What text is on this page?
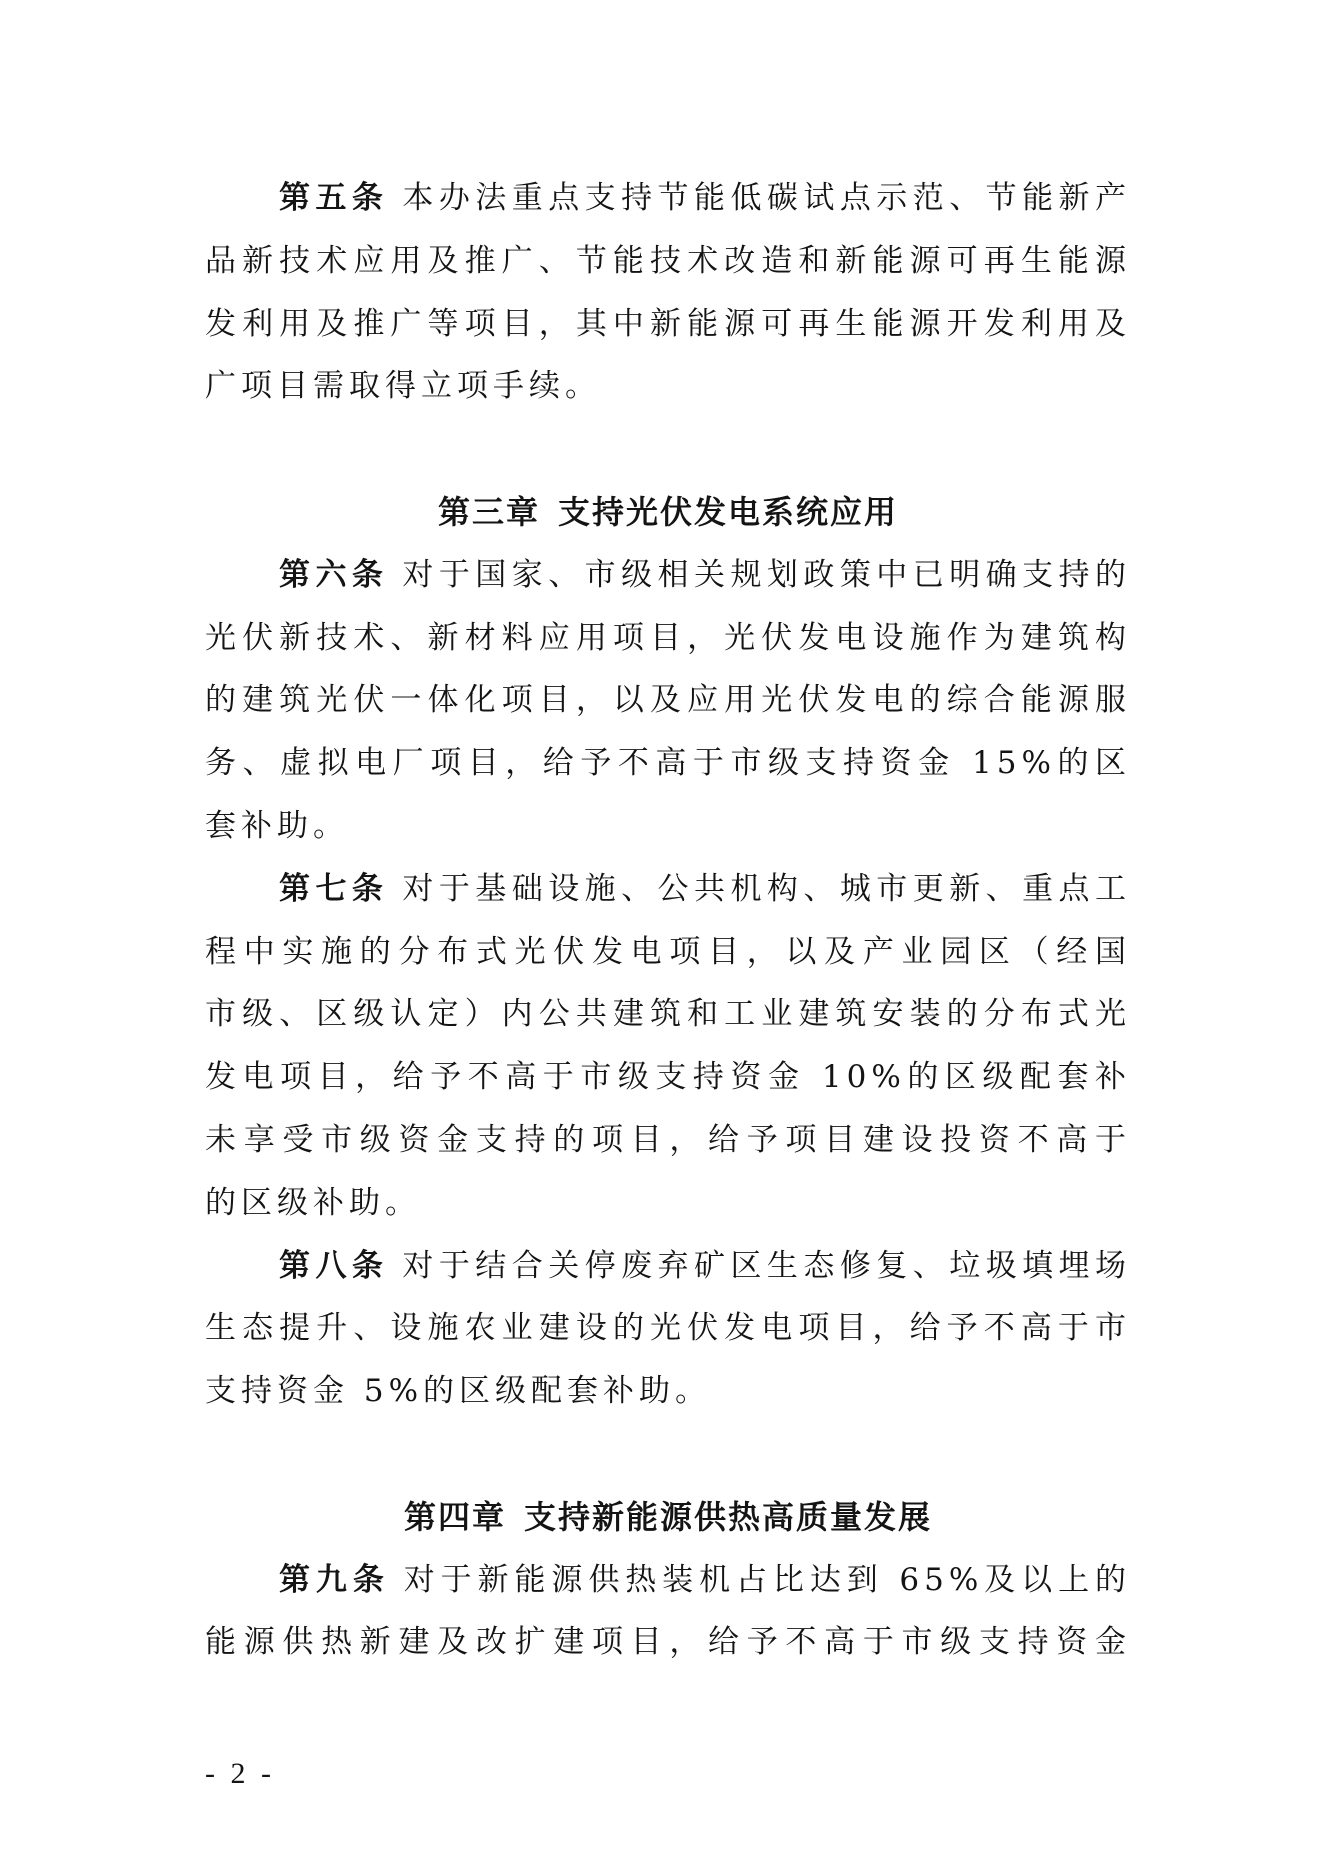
第五条 本办法重点支持节能低碳试点示范、节能新产
品新技术应用及推广、节能技术改造和新能源可再生能源
发利用及推广等项目，其中新能源可再生能源开发利用及
广项目需取得立项手续。
第三章 支持光伏发电系统应用
第六条 对于国家、市级相关规划政策中已明确支持的
光伏新技术、新材料应用项目，光伏发电设施作为建筑构
的建筑光伏一体化项目，以及应用光伏发电的综合能源服
务、虚拟电厂项目，给予不高于市级支持资金 15%的区
套补助。
第七条 对于基础设施、公共机构、城市更新、重点工
程中实施的分布式光伏发电项目，以及产业园区（经国
市级、区级认定）内公共建筑和工业建筑安装的分布式光
发电项目，给予不高于市级支持资金 10%的区级配套补
未享受市级资金支持的项目，给予项目建设投资不高于
的区级补助。
第八条 对于结合关停废弃矿区生态修复、垃圾填埋场
生态提升、设施农业建设的光伏发电项目，给予不高于市
支持资金 5%的区级配套补助。
第四章 支持新能源供热高质量发展
第九条 对于新能源供热装机占比达到 65%及以上的
能源供热新建及改扩建项目，给予不高于市级支持资金
- 2 -
